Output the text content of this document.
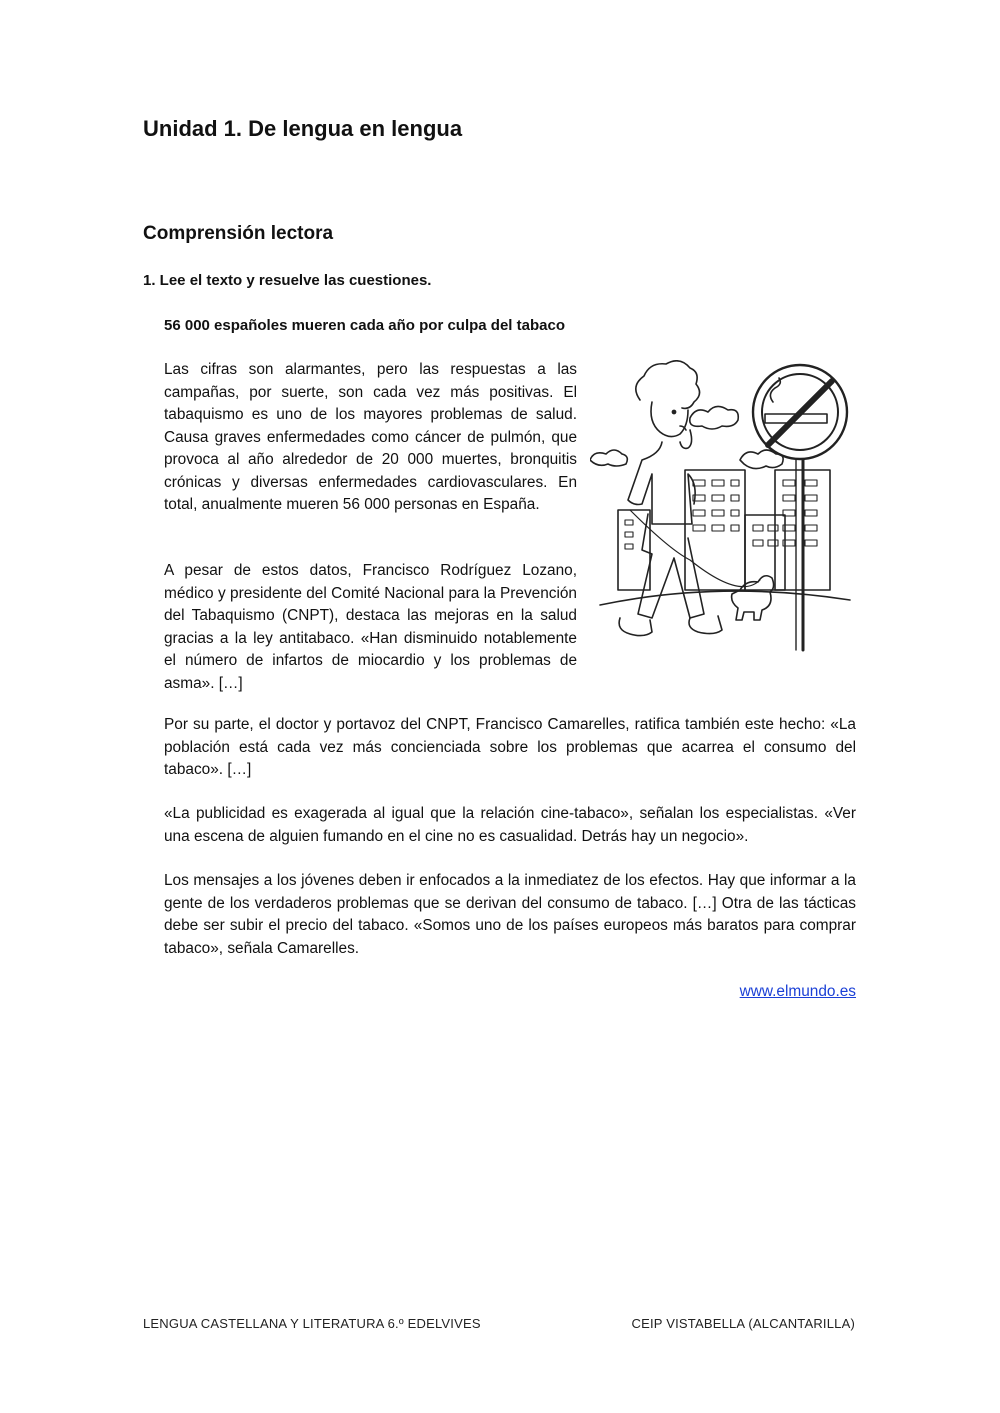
Unidad 1. De lengua en lengua
Comprensión lectora

1. Lee el texto y resuelve las cuestiones.

56 000 españoles mueren cada año por culpa del tabaco

Las cifras son alarmantes, pero las respuestas a las campañas, por suerte, son cada vez más positivas. El tabaquismo es uno de los mayores problemas de salud. Causa graves enfermedades como cáncer de pulmón, que provoca al año alrededor de 20 000 muertes, bronquitis crónicas y diversas enfermedades cardiovasculares. En total, anualmente mueren 56 000 personas en España.

A pesar de estos datos, Francisco Rodríguez Lozano, médico y presidente del Comité Nacional para la Prevención del Tabaquismo (CNPT), destaca las mejoras en la salud gracias a la ley antitabaco. «Han disminuido notablemente el número de infartos de miocardio y los problemas de asma». […]

Por su parte, el doctor y portavoz del CNPT, Francisco Camarelles, ratifica también este hecho: «La población está cada vez más concienciada sobre los problemas que acarrea el consumo del tabaco». […]

«La publicidad es exagerada al igual que la relación cine-tabaco», señalan los especialistas. «Ver una escena de alguien fumando en el cine no es casualidad. Detrás hay un negocio».

Los mensajes a los jóvenes deben ir enfocados a la inmediatez de los efectos. Hay que informar a la gente de los verdaderos problemas que se derivan del consumo de tabaco. […] Otra de las tácticas debe ser subir el precio del tabaco. «Somos uno de los países europeos más baratos para comprar tabaco», señala Camarelles.

www.elmundo.es
LENGUA CASTELLANA Y LITERATURA 6.º EDELVIVES	CEIP VISTABELLA (ALCANTARILLA)
